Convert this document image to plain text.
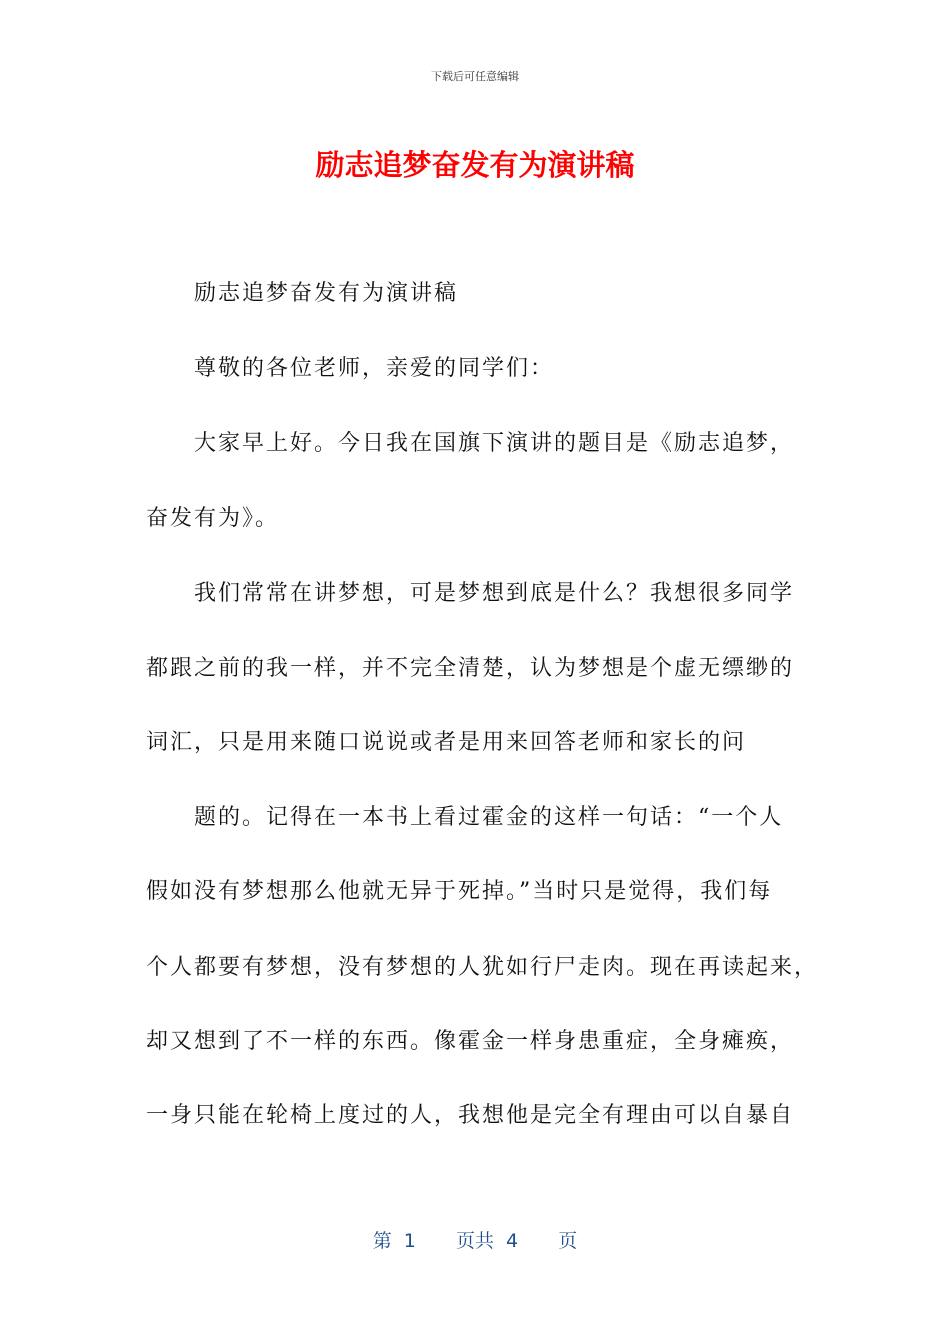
下载后可任意编辑
励志追梦奋发有为演讲稿
　　励志追梦奋发有为演讲稿
　　尊敬的各位老师，亲爱的同学们：
　　大家早上好。今日我在国旗下演讲的题目是《励志追梦，
奋发有为》。
　　我们常常在讲梦想，可是梦想到底是什么？我想很多同学
都跟之前的我一样，并不完全清楚，认为梦想是个虚无缥缈的
词汇，只是用来随口说说或者是用来回答老师和家长的问
　　题的。记得在一本书上看过霍金的这样一句话：“一个人
假如没有梦想那么他就无异于死掉。”当时只是觉得，我们每
个人都要有梦想，没有梦想的人犹如行尸走肉。现在再读起来，
却又想到了不一样的东西。像霍金一样身患重症，全身瘫痪，
一身只能在轮椅上度过的人，我想他是完全有理由可以自暴自
第 1 页共 4 页
